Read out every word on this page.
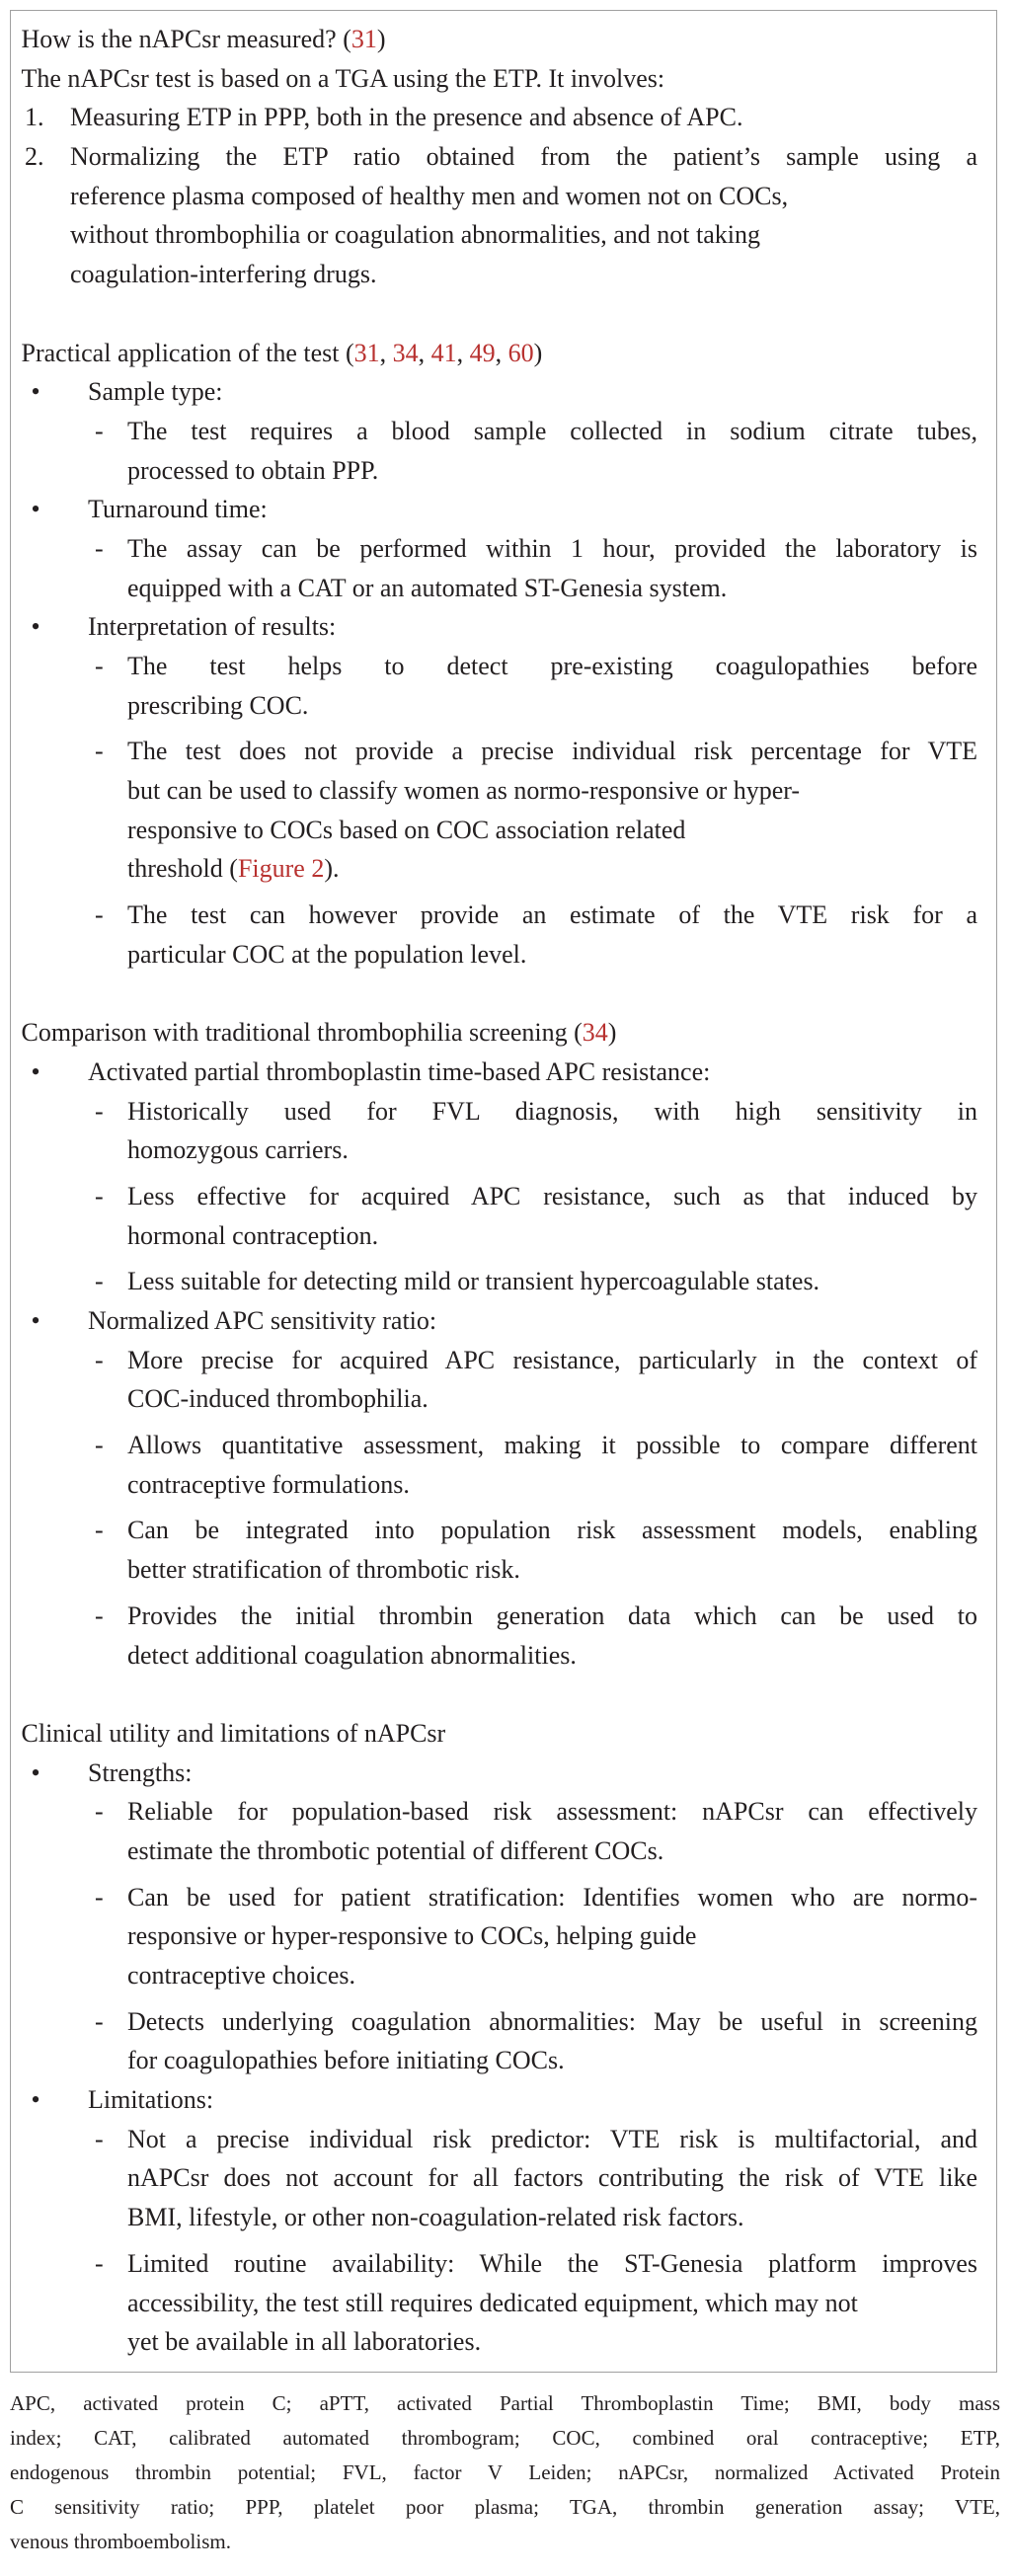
How is the nAPCsr measured? (31)
The nAPCsr test is based on a TGA using the ETP. It involves:
1. Measuring ETP in PPP, both in the presence and absence of APC.
2. Normalizing the ETP ratio obtained from the patient’s sample using a
reference plasma composed of healthy men and women not on COCs,
without thrombophilia or coagulation abnormalities, and not taking
coagulation-interfering drugs.
Practical application of the test (31, 34, 41, 49, 60)
• Sample type:
- The test requires a blood sample collected in sodium citrate tubes,
processed to obtain PPP.
• Turnaround time:
- The assay can be performed within 1 hour, provided the laboratory is
equipped with a CAT or an automated ST-Genesia system.
• Interpretation of results:
- The test helps to detect pre-existing coagulopathies before
prescribing COC.
- The test does not provide a precise individual risk percentage for VTE
but can be used to classify women as normo-responsive or hyper-
responsive to COCs based on COC association related
threshold (Figure 2).
- The test can however provide an estimate of the VTE risk for a
particular COC at the population level.
Comparison with traditional thrombophilia screening (34)
• Activated partial thromboplastin time-based APC resistance:
- Historically used for FVL diagnosis, with high sensitivity in
homozygous carriers.
- Less effective for acquired APC resistance, such as that induced by
hormonal contraception.
- Less suitable for detecting mild or transient hypercoagulable states.
• Normalized APC sensitivity ratio:
- More precise for acquired APC resistance, particularly in the context of
COC-induced thrombophilia.
- Allows quantitative assessment, making it possible to compare different
contraceptive formulations.
- Can be integrated into population risk assessment models, enabling
better stratification of thrombotic risk.
- Provides the initial thrombin generation data which can be used to
detect additional coagulation abnormalities.
Clinical utility and limitations of nAPCsr
• Strengths:
- Reliable for population-based risk assessment: nAPCsr can effectively
estimate the thrombotic potential of different COCs.
- Can be used for patient stratification: Identifies women who are normo-
responsive or hyper-responsive to COCs, helping guide
contraceptive choices.
- Detects underlying coagulation abnormalities: May be useful in screening
for coagulopathies before initiating COCs.
• Limitations:
- Not a precise individual risk predictor: VTE risk is multifactorial, and
nAPCsr does not account for all factors contributing the risk of VTE like
BMI, lifestyle, or other non-coagulation-related risk factors.
- Limited routine availability: While the ST-Genesia platform improves
accessibility, the test still requires dedicated equipment, which may not
yet be available in all laboratories.
APC, activated protein C; aPTT, activated Partial Thromboplastin Time; BMI, body mass
index; CAT, calibrated automated thrombogram; COC, combined oral contraceptive; ETP,
endogenous thrombin potential; FVL, factor V Leiden; nAPCsr, normalized Activated Protein
C sensitivity ratio; PPP, platelet poor plasma; TGA, thrombin generation assay; VTE,
venous thromboembolism.
